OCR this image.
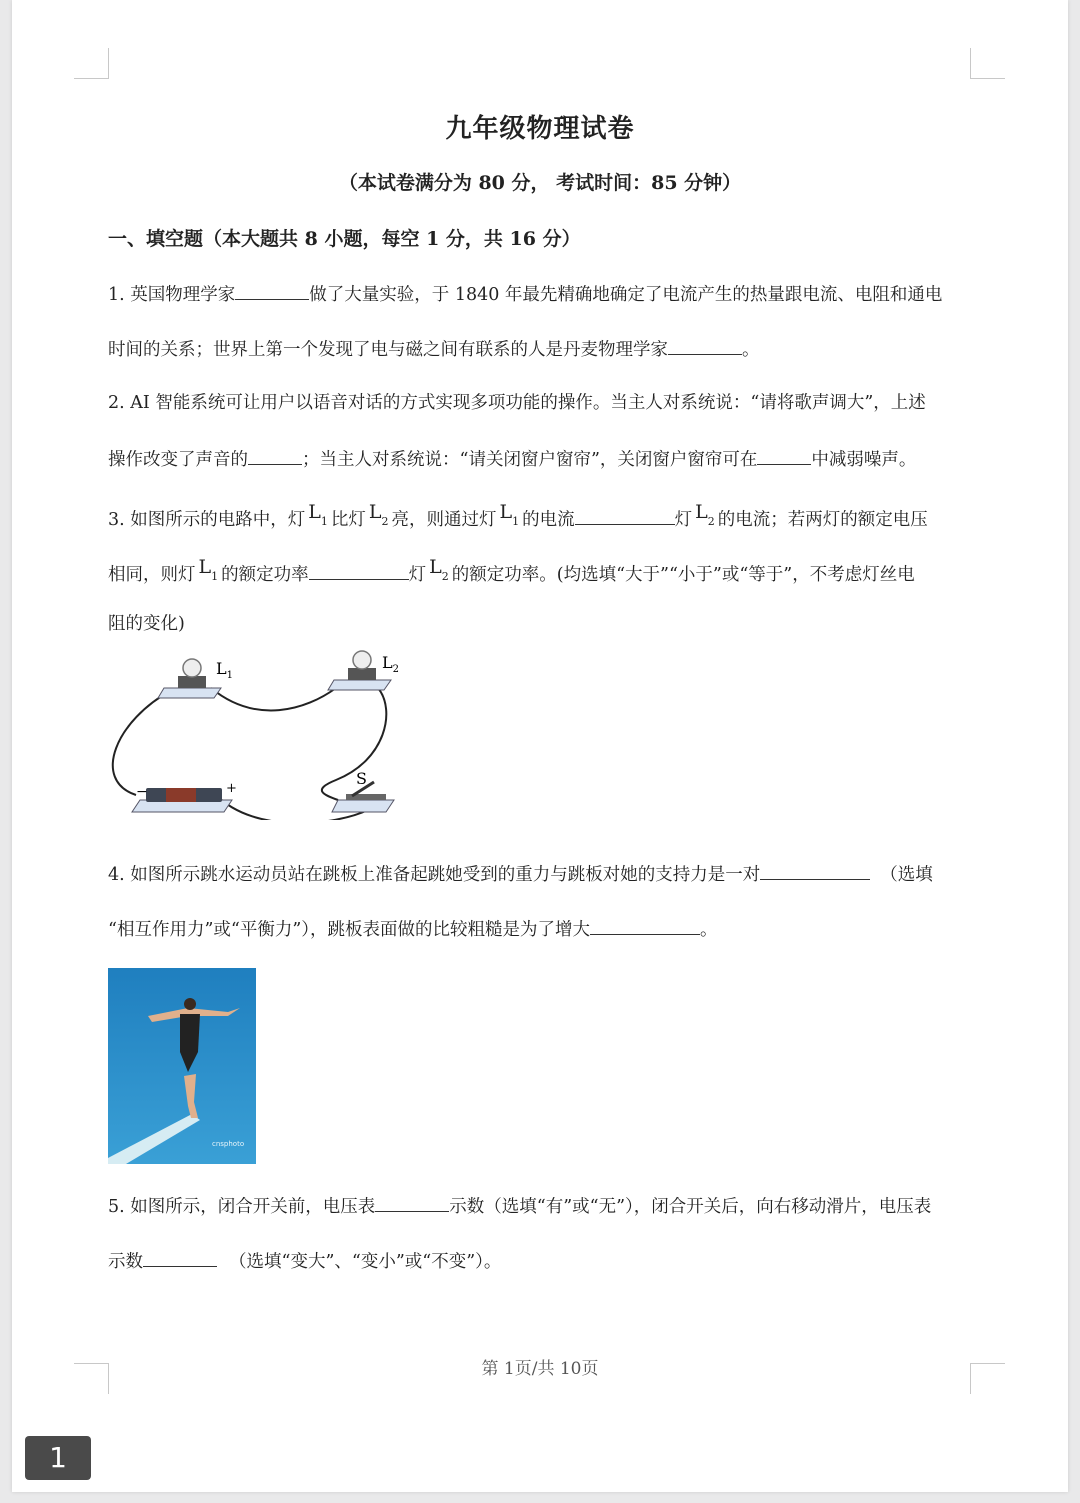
九年级物理试卷
（本试卷满分为 80 分， 考试时间：85 分钟）
一、填空题（本大题共 8 小题，每空 1 分，共 16 分）
1. 英国物理学家	做了大量实验，于 1840 年最先精确地确定了电流产生的热量跟电流、电阻和通电
时间的关系；世界上第一个发现了电与磁之间有联系的人是丹麦物理学家	。
2. AI 智能系统可让用户以语音对话的方式实现多项功能的操作。当主人对系统说：“请将歌声调大”，上述
操作改变了声音的	；当主人对系统说：“请关闭窗户窗帘”，关闭窗户窗帘可在	中减弱噪声。
3. 如图所示的电路中，灯 $L_1$ 比灯 $L_2$ 亮，则通过灯 $L_1$ 的电流	灯 $L_2$ 的电流；若两灯的额定电压
相同，则灯 $L_1$ 的额定功率	灯 $L_2$ 的额定功率。(均选填“大于”“小于”或“等于”，不考虑灯丝电
阻的变化)
$L_1$
$L_2$
−	+
S
4. 如图所示跳水运动员站在跳板上准备起跳她受到的重力与跳板对她的支持力是一对	（选填
“相互作用力”或“平衡力”），跳板表面做的比较粗糙是为了增大	。
cnsphoto
5. 如图所示，闭合开关前，电压表	示数（选填“有”或“无”），闭合开关后，向右移动滑片，电压表
示数	（选填“变大”、“变小”或“不变”）。
第 1页/共 10页
1
